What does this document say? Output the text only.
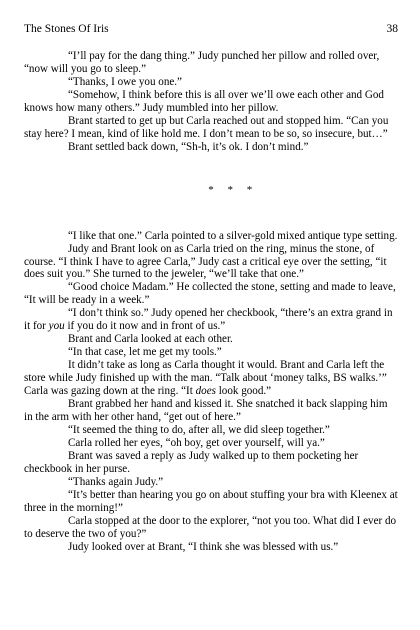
The Stones Of Iris	38

“I’ll pay for the dang thing.” Judy punched her pillow and rolled over, “now will you go to sleep.”

“Thanks, I owe you one.”

“Somehow, I think before this is all over we’ll owe each other and God knows how many others.” Judy mumbled into her pillow.

Brant started to get up but Carla reached out and stopped him. “Can you stay here? I mean, kind of like hold me. I don’t mean to be so, so insecure, but…”

Brant settled back down, “Sh-h, it’s ok. I don’t mind.”

* * *

“I like that one.” Carla pointed to a silver-gold mixed antique type setting.

Judy and Brant look on as Carla tried on the ring, minus the stone, of course. “I think I have to agree Carla,” Judy cast a critical eye over the setting, “it does suit you.” She turned to the jeweler, “we’ll take that one.”

“Good choice Madam.” He collected the stone, setting and made to leave, “It will be ready in a week.”

“I don’t think so.” Judy opened her checkbook, “there’s an extra grand in it for you if you do it now and in front of us.”

Brant and Carla looked at each other.

“In that case, let me get my tools.”

It didn’t take as long as Carla thought it would. Brant and Carla left the store while Judy finished up with the man. “Talk about ‘money talks, BS walks.’” Carla was gazing down at the ring. “It does look good.”

Brant grabbed her hand and kissed it. She snatched it back slapping him in the arm with her other hand, “get out of here.”

“It seemed the thing to do, after all, we did sleep together.”

Carla rolled her eyes, “oh boy, get over yourself, will ya.”

Brant was saved a reply as Judy walked up to them pocketing her checkbook in her purse.

“Thanks again Judy.”

“It’s better than hearing you go on about stuffing your bra with Kleenex at three in the morning!”

Carla stopped at the door to the explorer, “not you too. What did I ever do to deserve the two of you?”

Judy looked over at Brant, “I think she was blessed with us.”
